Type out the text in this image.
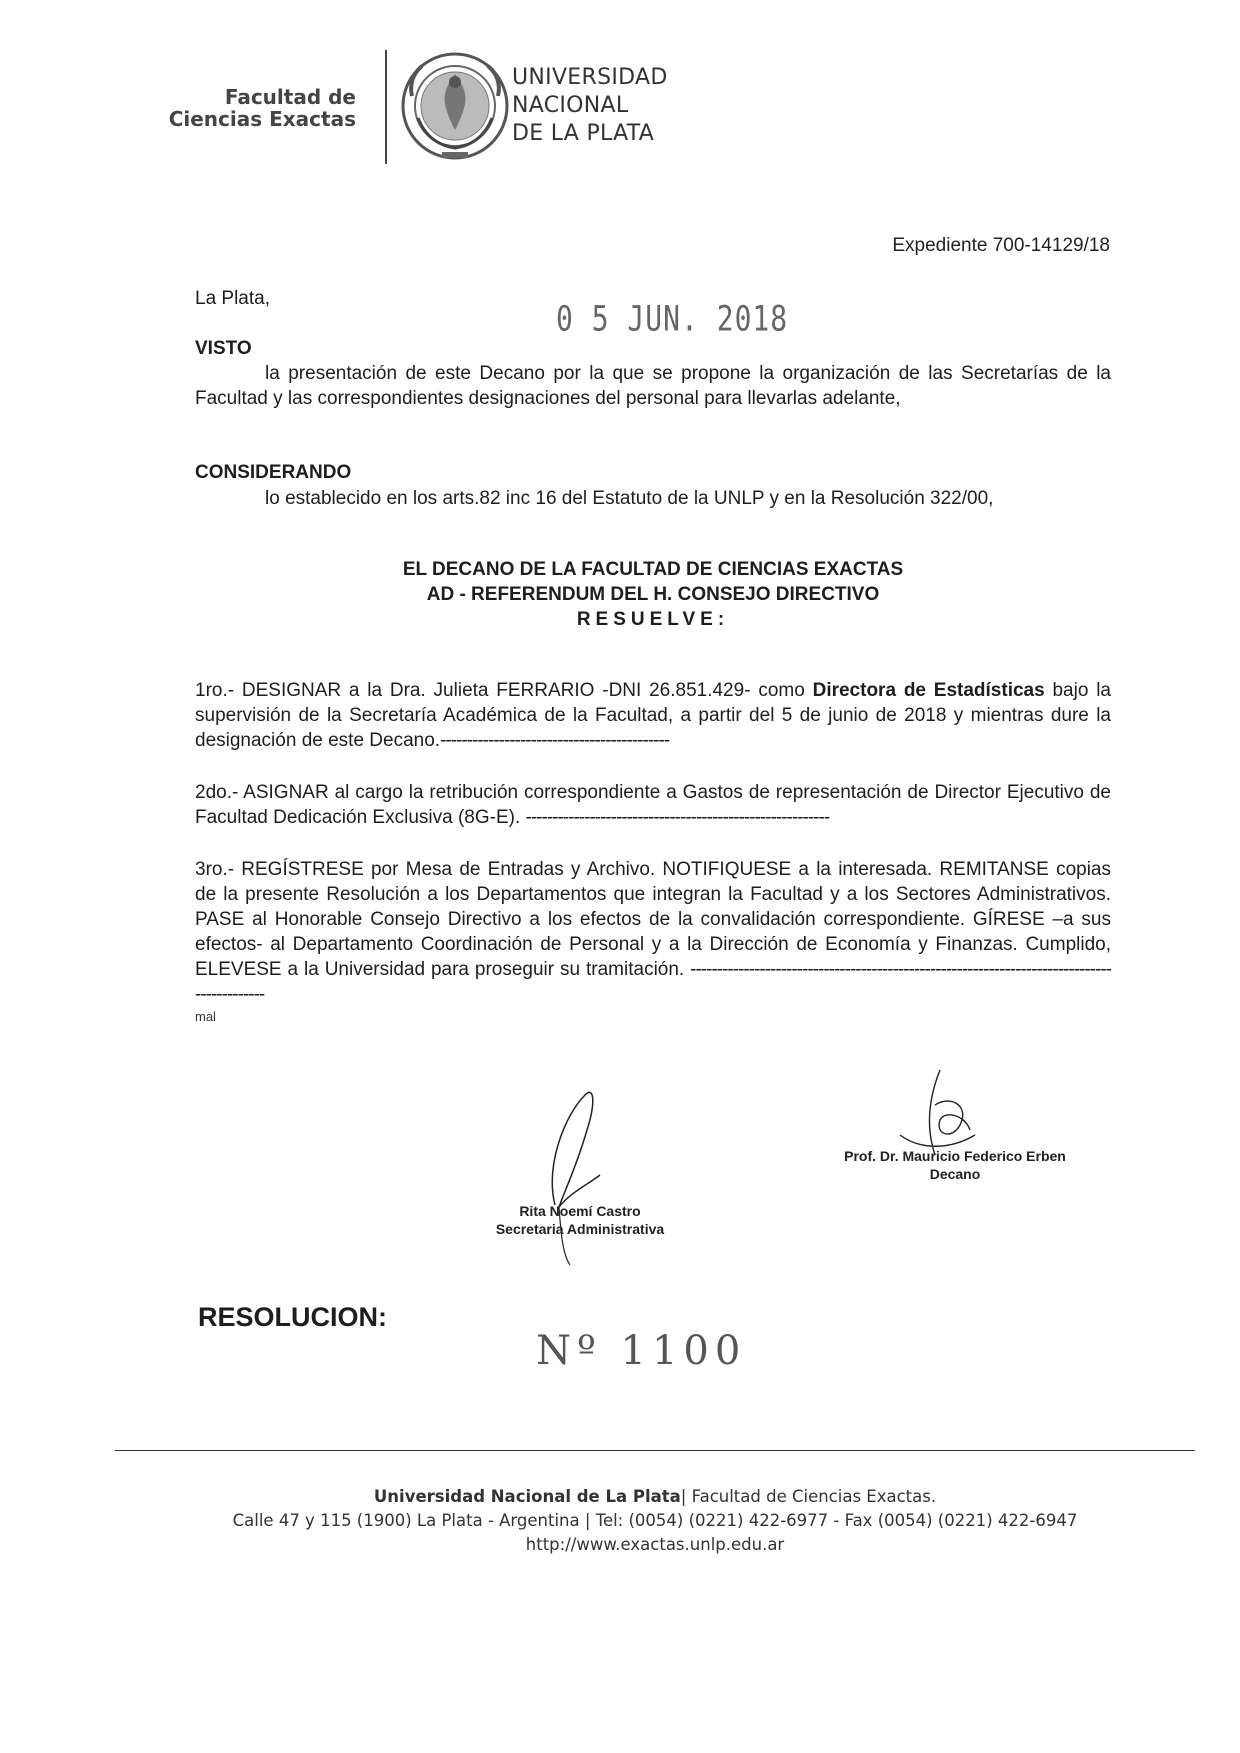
Facultad de
Ciencias Exactas
UNIVERSIDAD
NACIONAL
DE LA PLATA
Expediente 700-14129/18
La Plata,	0 5 JUN. 2018
VISTO
la presentación de este Decano por la que se propone la organización de las Secretarías de la Facultad y las correspondientes designaciones del personal para llevarlas adelante,
CONSIDERANDO
lo establecido en los arts.82 inc 16 del Estatuto de la UNLP y en la Resolución 322/00,
EL DECANO DE LA FACULTAD DE CIENCIAS EXACTAS
AD - REFERENDUM DEL H. CONSEJO DIRECTIVO
RESUELVE:
1ro.- DESIGNAR a la Dra. Julieta FERRARIO -DNI 26.851.429- como Directora de Estadísticas bajo la supervisión de la Secretaría Académica de la Facultad, a partir del 5 de junio de 2018 y mientras dure la designación de este Decano.-------------------------------------------
2do.- ASIGNAR al cargo la retribución correspondiente a Gastos de representación de Director Ejecutivo de Facultad Dedicación Exclusiva (8G-E). ---------------------------------------------------------
3ro.- REGÍSTRESE por Mesa de Entradas y Archivo. NOTIFIQUESE a la interesada. REMITANSE copias de la presente Resolución a los Departamentos que integran la Facultad y a los Sectores Administrativos. PASE al Honorable Consejo Directivo a los efectos de la convalidación correspondiente. GÍRESE –a sus efectos- al Departamento Coordinación de Personal y a la Dirección de Economía y Finanzas. Cumplido, ELEVESE a la Universidad para proseguir su tramitación. --------------------------------------------------------------------------------------------
mal
Rita Noemí Castro
Secretaria Administrativa
Prof. Dr. Mauricio Federico Erben
Decano
RESOLUCION:
Nº 1100
Universidad Nacional de La Plata| Facultad de Ciencias Exactas.
Calle 47 y 115 (1900) La Plata - Argentina | Tel: (0054) (0221) 422-6977 - Fax (0054) (0221) 422-6947
http://www.exactas.unlp.edu.ar
